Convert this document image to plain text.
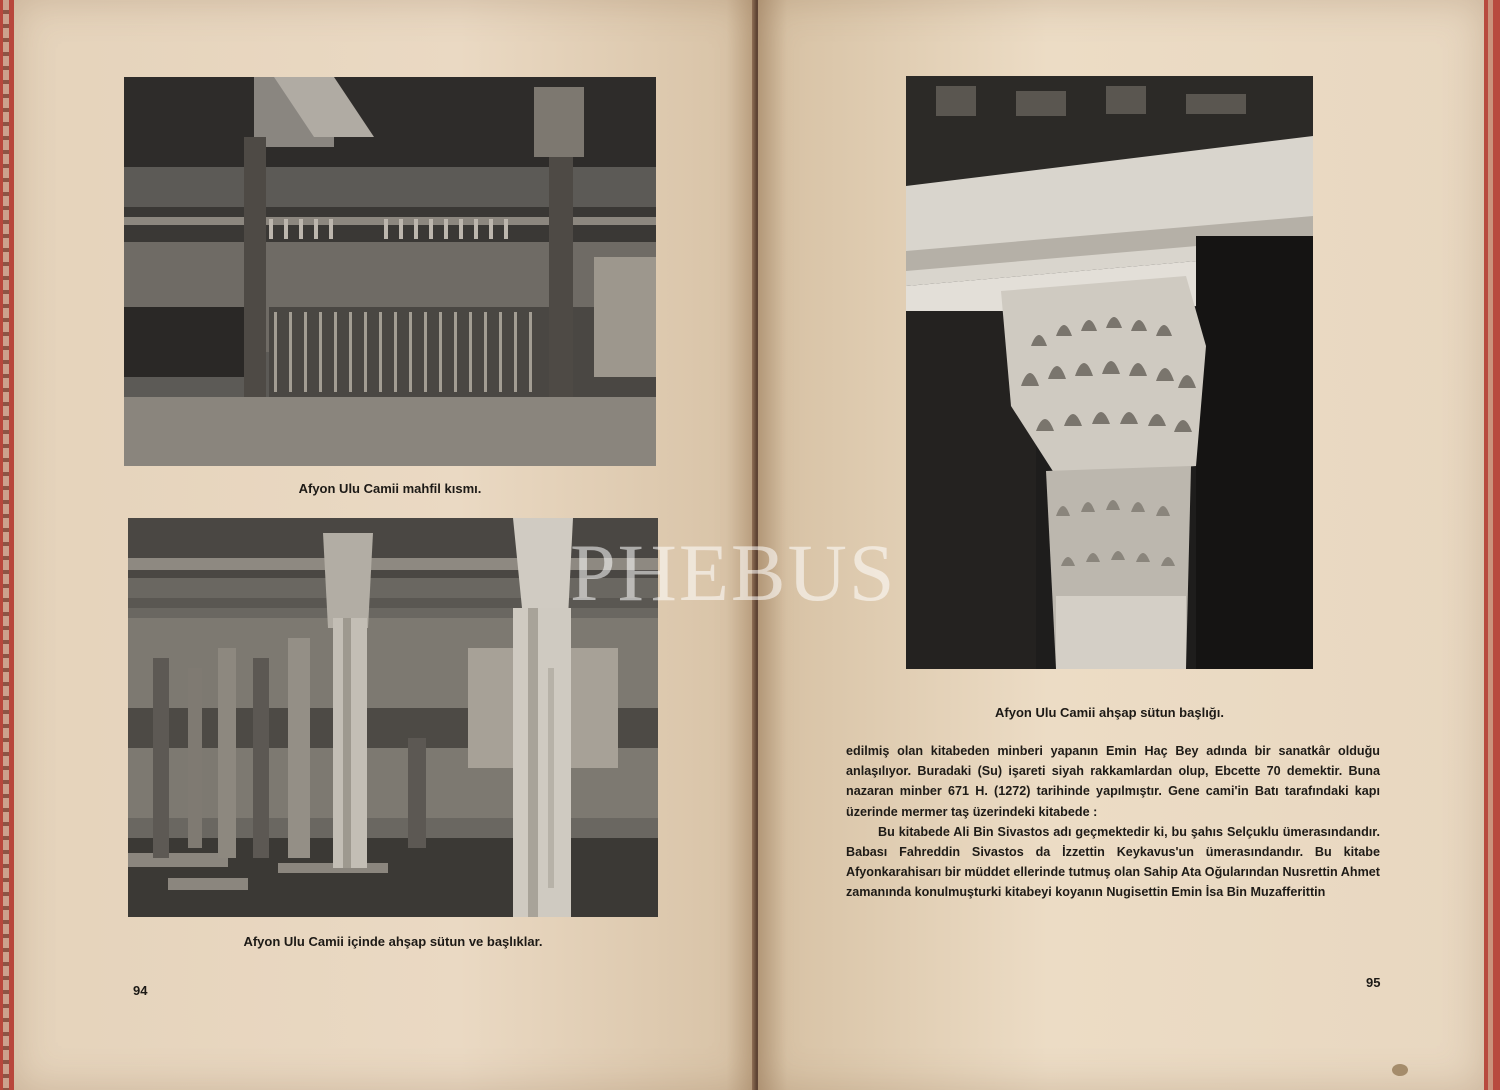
Afyon Ulu Camii mahfil kısmı.
Afyon Ulu Camii içinde ahşap sütun ve başlıklar.
94
Afyon Ulu Camii ahşap sütun başlığı.

edilmiş olan kitabeden minberi yapanın Emin Haç Bey adında bir sanatkâr olduğu anlaşılıyor. Buradaki (Su) işareti siyah rakkamlardan olup, Ebcette 70 demektir. Buna nazaran minber 671 H. (1272) tarihinde yapılmıştır. Gene cami'in Batı tarafındaki kapı üzerinde mermer taş üzerindeki kitabede :

Bu kitabede Ali Bin Sivastos adı geçmektedir ki, bu şahıs Selçuklu ümerasındandır. Babası Fahreddin Sivastos da İzzettin Keykavus'un ümerasındandır. Bu kitabe Afyonkarahisarı bir müddet ellerinde tutmuş olan Sahip Ata Oğularından Nusrettin Ahmet zamanında konulmuşturki kitabeyi koyanın Nugisettin Emin İsa Bin Muzafferittin

95
PHEBUS
